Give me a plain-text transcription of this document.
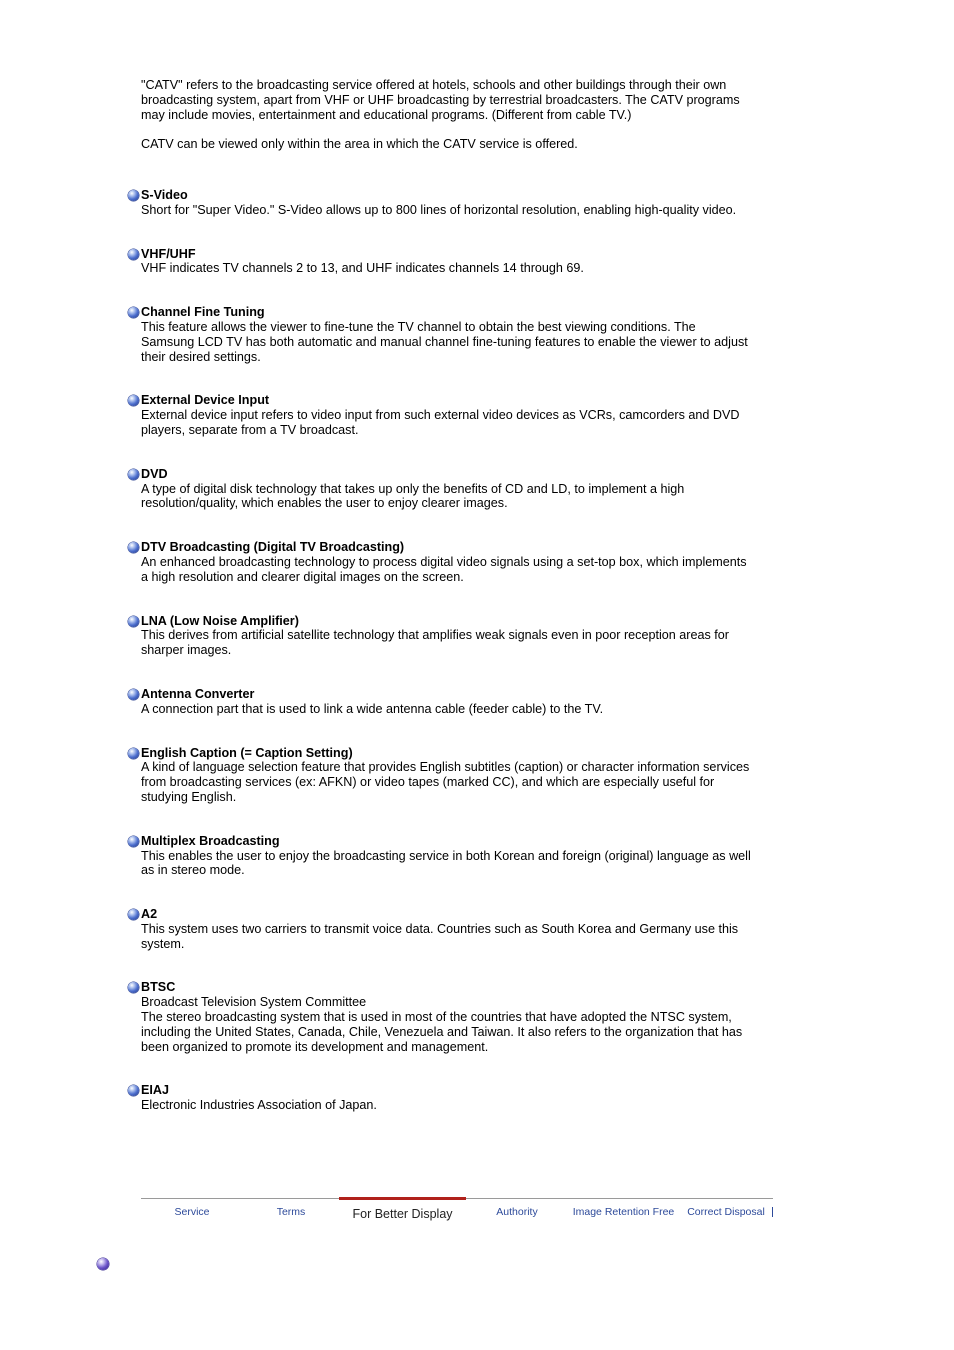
"CATV" refers to the broadcasting service offered at hotels, schools and other buildings through their own broadcasting system, apart from VHF or UHF broadcasting by terrestrial broadcasters. The CATV programs may include movies, entertainment and educational programs. (Different from cable TV.)

CATV can be viewed only within the area in which the CATV service is offered.

S-Video

Short for "Super Video." S-Video allows up to 800 lines of horizontal resolution, enabling high-quality video.

VHF/UHF

VHF indicates TV channels 2 to 13, and UHF indicates channels 14 through 69.

Channel Fine Tuning

This feature allows the viewer to fine-tune the TV channel to obtain the best viewing conditions. The Samsung LCD TV has both automatic and manual channel fine-tuning features to enable the viewer to adjust their desired settings.

External Device Input

External device input refers to video input from such external video devices as VCRs, camcorders and DVD players, separate from a TV broadcast.

DVD

A type of digital disk technology that takes up only the benefits of CD and LD, to implement a high resolution/quality, which enables the user to enjoy clearer images.

DTV Broadcasting (Digital TV Broadcasting)

An enhanced broadcasting technology to process digital video signals using a set-top box, which implements a high resolution and clearer digital images on the screen.

LNA (Low Noise Amplifier)

This derives from artificial satellite technology that amplifies weak signals even in poor reception areas for sharper images.

Antenna Converter

A connection part that is used to link a wide antenna cable (feeder cable) to the TV.

English Caption (= Caption Setting)

A kind of language selection feature that provides English subtitles (caption) or character information services from broadcasting services (ex: AFKN) or video tapes (marked CC), and which are especially useful for studying English.

Multiplex Broadcasting

This enables the user to enjoy the broadcasting service in both Korean and foreign (original) language as well as in stereo mode.

A2

This system uses two carriers to transmit voice data. Countries such as South Korea and Germany use this system.

BTSC

Broadcast Television System Committee

The stereo broadcasting system that is used in most of the countries that have adopted the NTSC system, including the United States, Canada, Chile, Venezuela and Taiwan. It also refers to the organization that has been organized to promote its development and management.

EIAJ

Electronic Industries Association of Japan.

Service	Terms	For Better Display	Authority	Image Retention Free	Correct Disposal
